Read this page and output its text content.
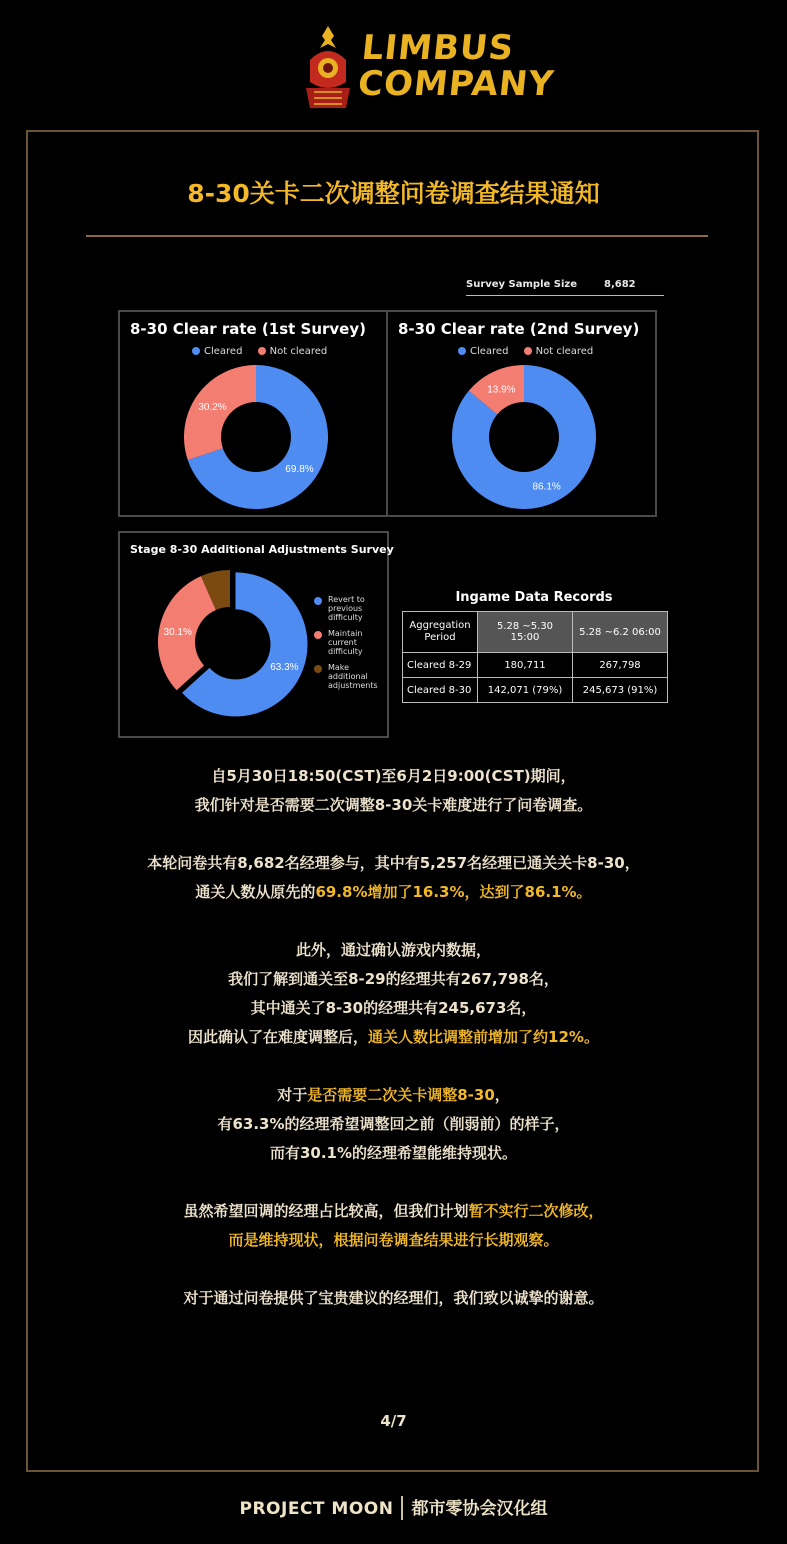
LIMBUS
COMPANY
8-30关卡二次调整问卷调查结果通知
Survey Sample Size	8,682
8-30 Clear rate (1st Survey)
Cleared	Not cleared
69.8%
30.2%
8-30 Clear rate (2nd Survey)
Cleared	Not cleared
86.1%
13.9%
Stage 8-30 Additional Adjustments Survey
63.3%
30.1%
Revert to
previous
difficulty
Maintain
current
difficulty
Make
additional
adjustments
Ingame Data Records
Aggregation
Period	5.28 ~5.30 15:00	5.28 ~6.2 06:00
Cleared 8-29	180,711	267,798
Cleared 8-30	142,071 (79%)	245,673 (91%)
自5月30日18:50(CST)至6月2日9:00(CST)期间，
我们针对是否需要二次调整8-30关卡难度进行了问卷调查。
本轮问卷共有8,682名经理参与，其中有5,257名经理已通关关卡8-30，
通关人数从原先的69.8%增加了16.3%，达到了86.1%。
此外，通过确认游戏内数据，
我们了解到通关至8-29的经理共有267,798名，
其中通关了8-30的经理共有245,673名，
因此确认了在难度调整后，通关人数比调整前增加了约12%。
对于是否需要二次关卡调整8-30，
有63.3%的经理希望调整回之前（削弱前）的样子，
而有30.1%的经理希望能维持现状。
虽然希望回调的经理占比较高，但我们计划暂不实行二次修改，
而是维持现状，根据问卷调查结果进行长期观察。
对于通过问卷提供了宝贵建议的经理们，我们致以诚挚的谢意。
4/7
PROJECT MOON 都市零协会汉化组
